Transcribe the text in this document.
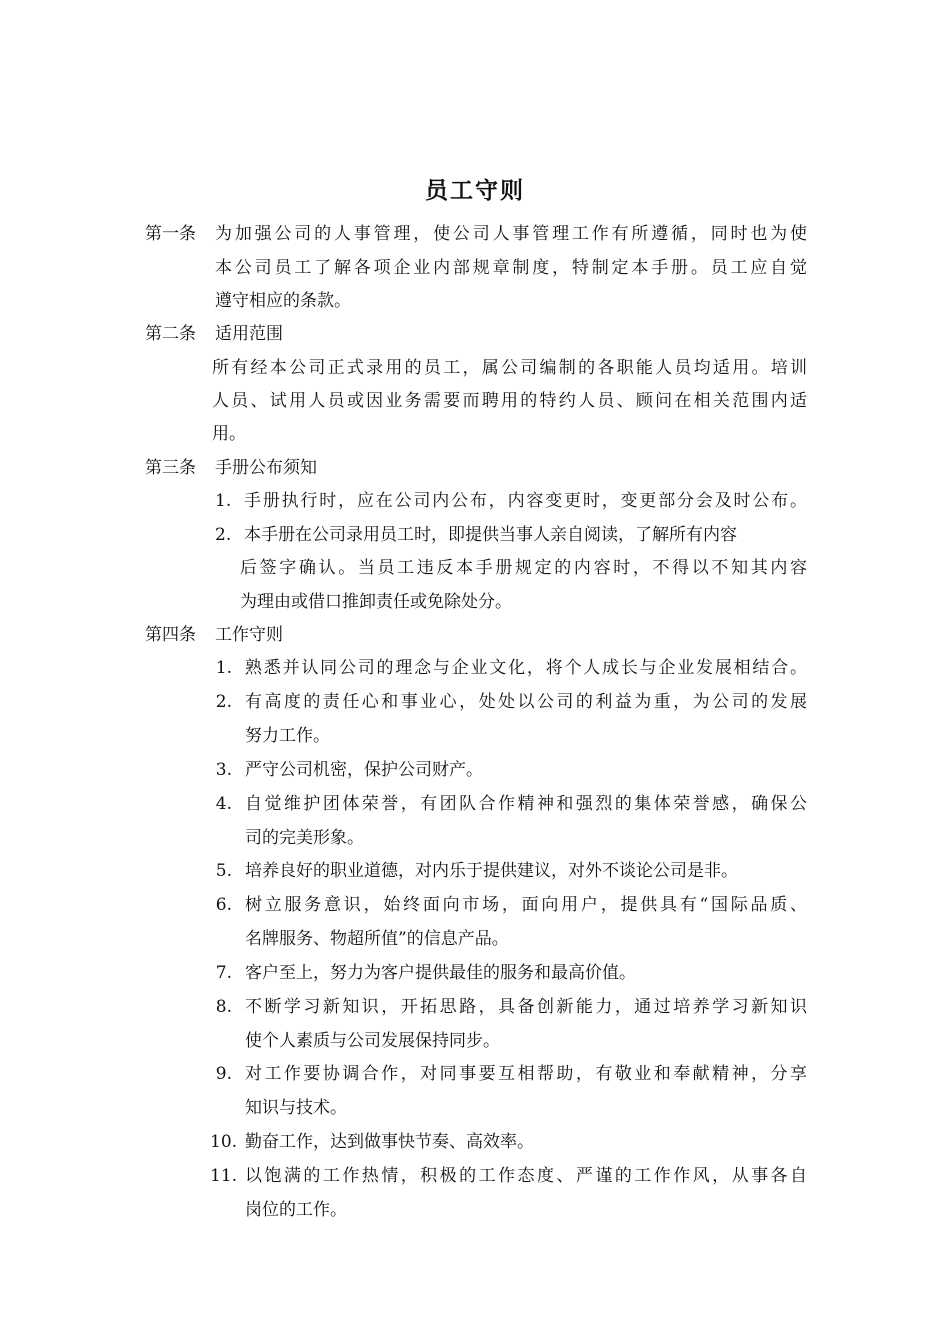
员工守则
第一条 为加强公司的人事管理，使公司人事管理工作有所遵循，同时也为使
本公司员工了解各项企业内部规章制度，特制定本手册。员工应自觉
遵守相应的条款。
第二条 适用范围
所有经本公司正式录用的员工，属公司编制的各职能人员均适用。培训
人员、试用人员或因业务需要而聘用的特约人员、顾问在相关范围内适
用。
第三条 手册公布须知
1. 手册执行时，应在公司内公布，内容变更时，变更部分会及时公布。
2. 本手册在公司录用员工时，即提供当事人亲自阅读，了解所有内容
后签字确认。当员工违反本手册规定的内容时，不得以不知其内容
为理由或借口推卸责任或免除处分。
第四条 工作守则
1. 熟悉并认同公司的理念与企业文化，将个人成长与企业发展相结合。
2. 有高度的责任心和事业心，处处以公司的利益为重，为公司的发展
努力工作。
3. 严守公司机密，保护公司财产。
4. 自觉维护团体荣誉，有团队合作精神和强烈的集体荣誉感，确保公
司的完美形象。
5. 培养良好的职业道德，对内乐于提供建议，对外不谈论公司是非。
6. 树立服务意识，始终面向市场，面向用户，提供具有“国际品质、
名牌服务、物超所值”的信息产品。
7. 客户至上，努力为客户提供最佳的服务和最高价值。
8. 不断学习新知识，开拓思路，具备创新能力，通过培养学习新知识
使个人素质与公司发展保持同步。
9. 对工作要协调合作，对同事要互相帮助，有敬业和奉献精神，分享
知识与技术。
10. 勤奋工作，达到做事快节奏、高效率。
11. 以饱满的工作热情，积极的工作态度、严谨的工作作风，从事各自
岗位的工作。
